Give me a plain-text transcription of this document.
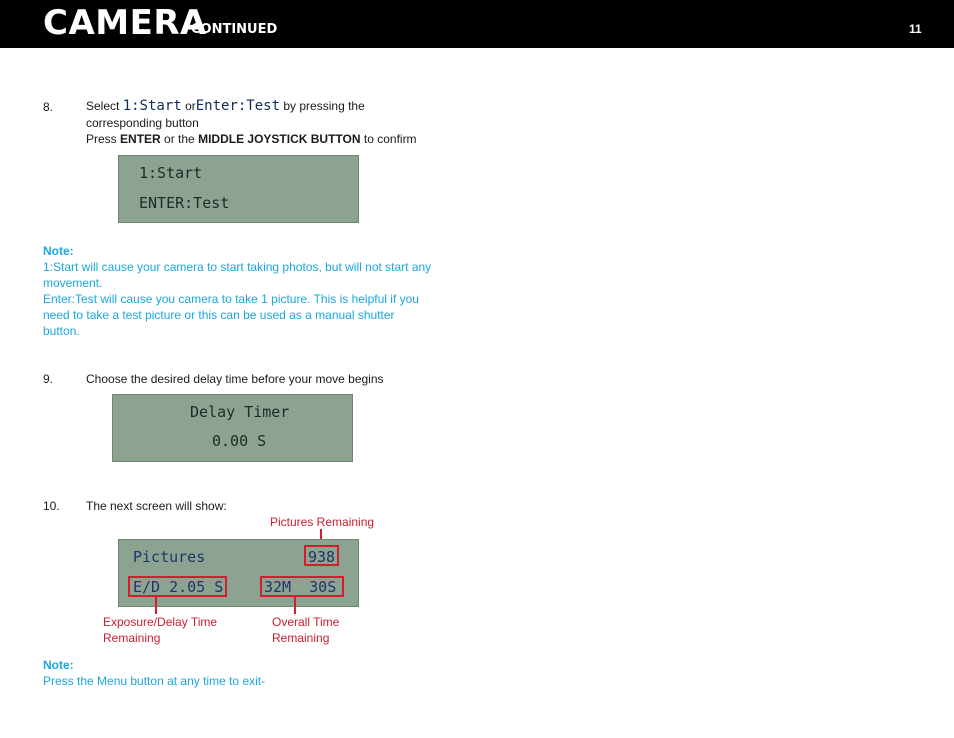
CAMERA
CONTINUED	11
8.	Select 1:Start orEnter:Test by pressing the
corresponding button
Press ENTER or the MIDDLE JOYSTICK BUTTON to confirm
1:Start
ENTER:Test
Note:
1:Start will cause your camera to start taking photos, but will not start any movement.
Enter:Test will cause you camera to take 1 picture. This is helpful if you need to take a test picture or this can be used as a manual shutter button.
9.	Choose the desired delay time before your move begins
Delay Timer
0.00 S
10. The next screen will show:
Pictures Remaining
Pictures	938
E/D 2.05 S	32M  30S
Exposure/Delay Time
Remaining
Overall Time
Remaining
Note:
Press the Menu button at any time to exit-
